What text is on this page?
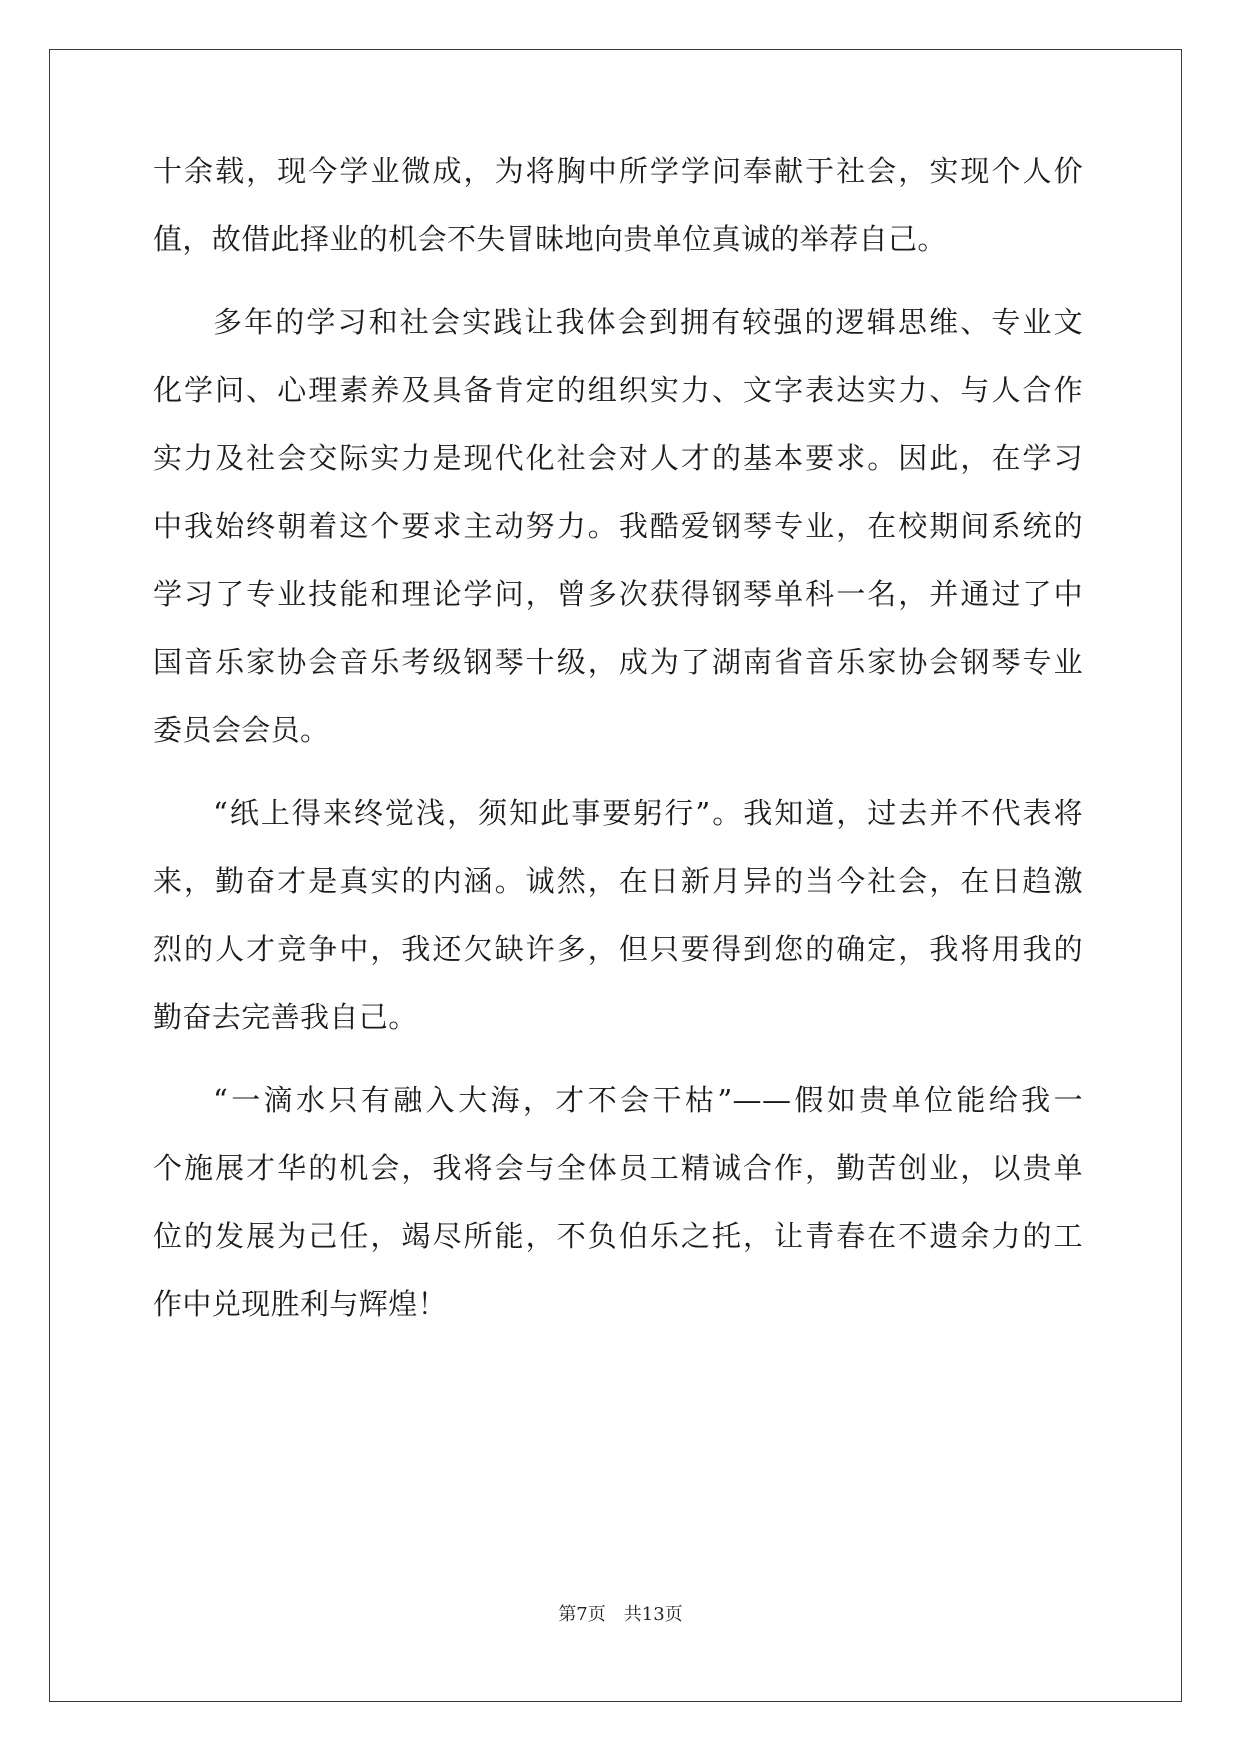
十余载，现今学业微成，为将胸中所学学问奉献于社会，实现个人价
值，故借此择业的机会不失冒昧地向贵单位真诚的举荐自己。
多年的学习和社会实践让我体会到拥有较强的逻辑思维、专业文
化学问、心理素养及具备肯定的组织实力、文字表达实力、与人合作
实力及社会交际实力是现代化社会对人才的基本要求。因此，在学习
中我始终朝着这个要求主动努力。我酷爱钢琴专业，在校期间系统的
学习了专业技能和理论学问，曾多次获得钢琴单科一名，并通过了中
国音乐家协会音乐考级钢琴十级，成为了湖南省音乐家协会钢琴专业
委员会会员。
“纸上得来终觉浅，须知此事要躬行”。我知道，过去并不代表将
来，勤奋才是真实的内涵。诚然，在日新月异的当今社会，在日趋激
烈的人才竞争中，我还欠缺许多，但只要得到您的确定，我将用我的
勤奋去完善我自己。
“一滴水只有融入大海，才不会干枯”——假如贵单位能给我一
个施展才华的机会，我将会与全体员工精诚合作，勤苦创业，以贵单
位的发展为己任，竭尽所能，不负伯乐之托，让青春在不遗余力的工
作中兑现胜利与辉煌！
第7页　共13页
